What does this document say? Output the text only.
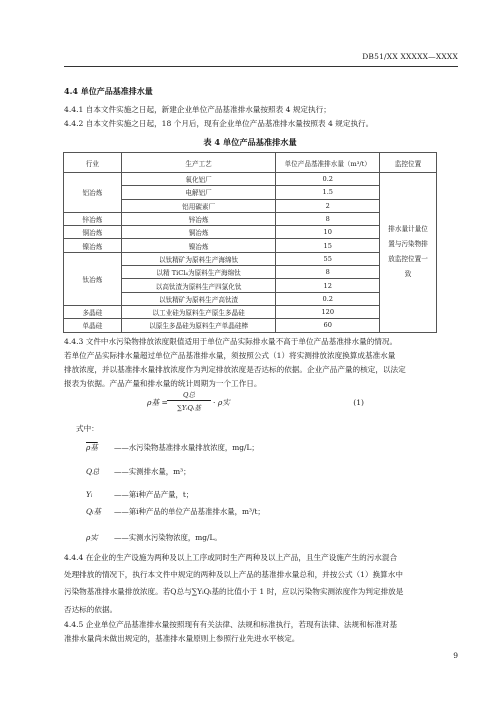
DB51/XX XXXXX—XXXX
4.4 单位产品基准排水量
4.4.1 自本文件实施之日起，新建企业单位产品基准排水量按照表 4 规定执行；
4.4.2 自本文件实施之日起，18 个月后，现有企业单位产品基准排水量按照表 4 规定执行。
表 4 单位产品基准排水量
行业	生产工艺	单位产品基准排水量（m³/t）	监控位置
铝冶炼	氧化铝厂	0.2	排水量计量位置与污染物排放监控位置一致

	电解铝厂	1.5	
	铝用碳素厂	2	
锌冶炼	锌冶炼	8	
铜冶炼	铜冶炼	10	
镍冶炼	镍冶炼	15	
钛冶炼	以钛精矿为原料生产海绵钛	55	
	以精 TiCl₄为原料生产海绵钛	8	
	以高钛渣为原料生产四氯化钛	12	
	以钛精矿为原料生产高钛渣	0.2	
多晶硅	以工业硅为原料生产原生多晶硅	120	
单晶硅	以原生多晶硅为原料生产单晶硅棒	60	
4.4.3 文件中水污染物排放浓度限值适用于单位产品实际排水量不高于单位产品基准排水量的情况。
若单位产品实际排水量超过单位产品基准排水量，须按照公式（1）将实测排放浓度换算成基准水量
排放浓度，并以基准排水量排放浓度作为判定排放浓度是否达标的依据。企业产品产量的核定，以法定
报表为依据。产品产量和排水量的统计周期为一个工作日。
ρ基 =
Q总
∑YᵢQᵢ基
· ρ实	(1)
式中：
ρ基 ——水污染物基准排水量排放浓度，mg/L；
Q总 ——实测排水量，m³；
Yᵢ	——第i种产品产量，t；
Qᵢ基 ——第i种产品的单位产品基准排水量，m³/t；
ρ实 ——实测水污染物浓度，mg/L。
4.4.4 在企业的生产设施为两种及以上工序或同时生产两种及以上产品，且生产设施产生的污水混合
处理排放的情况下，执行本文件中规定的两种及以上产品的基准排水量总和，并按公式（1）换算水中
污染物基准排水量排放浓度。若Q总与∑YᵢQᵢ基的比值小于 1 时，应以污染物实测浓度作为判定排放是
否达标的依据。
4.4.5 企业单位产品基准排水量按照现有有关法律、法规和标准执行，若现有法律、法规和标准对基
准排水量尚未做出规定的，基准排水量原则上参照行业先进水平核定。
9
